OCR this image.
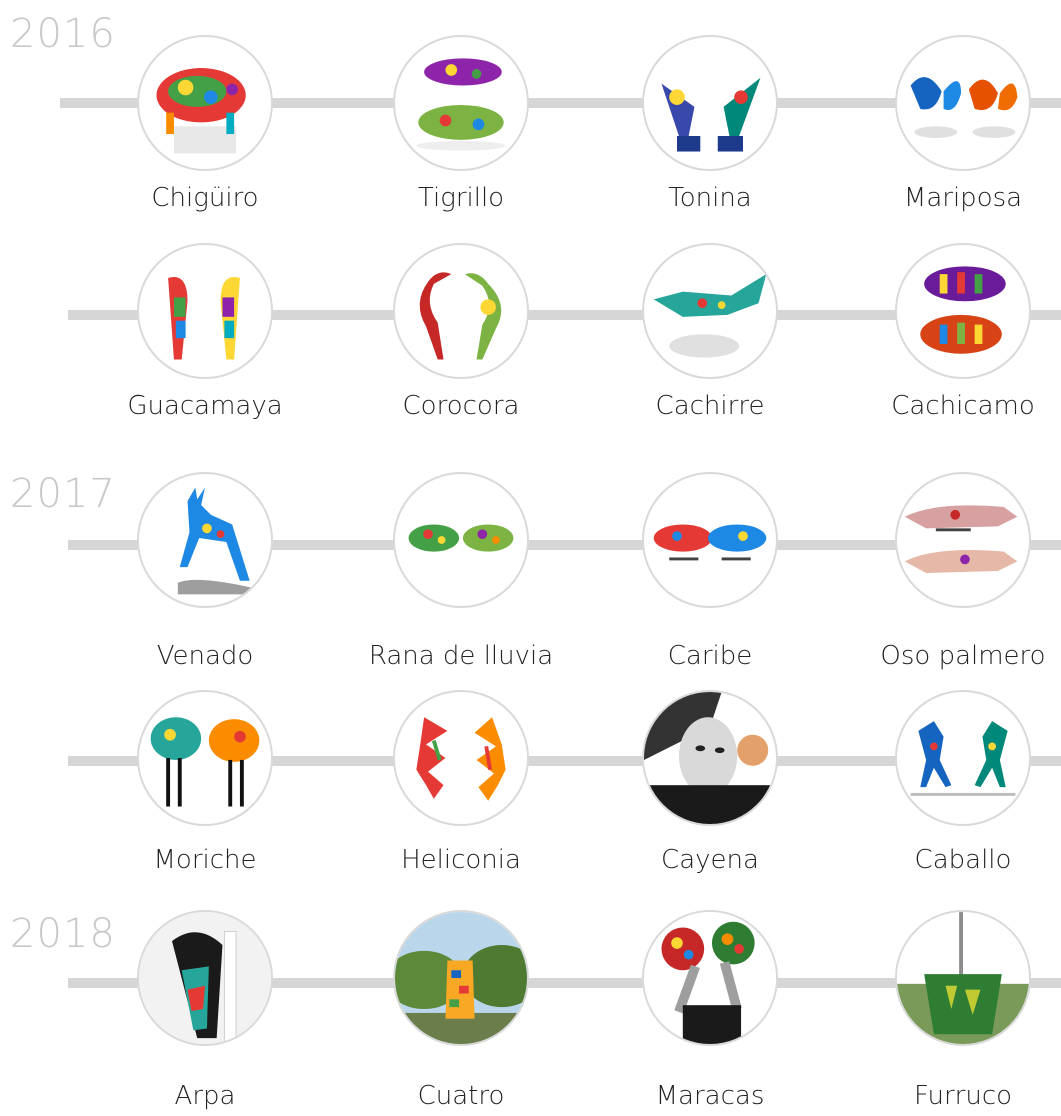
2016
2017
2018
Chigüiro	Tigrillo	Tonina	Mariposa
Guacamaya	Corocora	Cachirre	Cachicamo
Venado	Rana de lluvia	Caribe	Oso palmero
Moriche	Heliconia	Cayena	Caballo
Arpa	Cuatro	Maracas	Furruco
